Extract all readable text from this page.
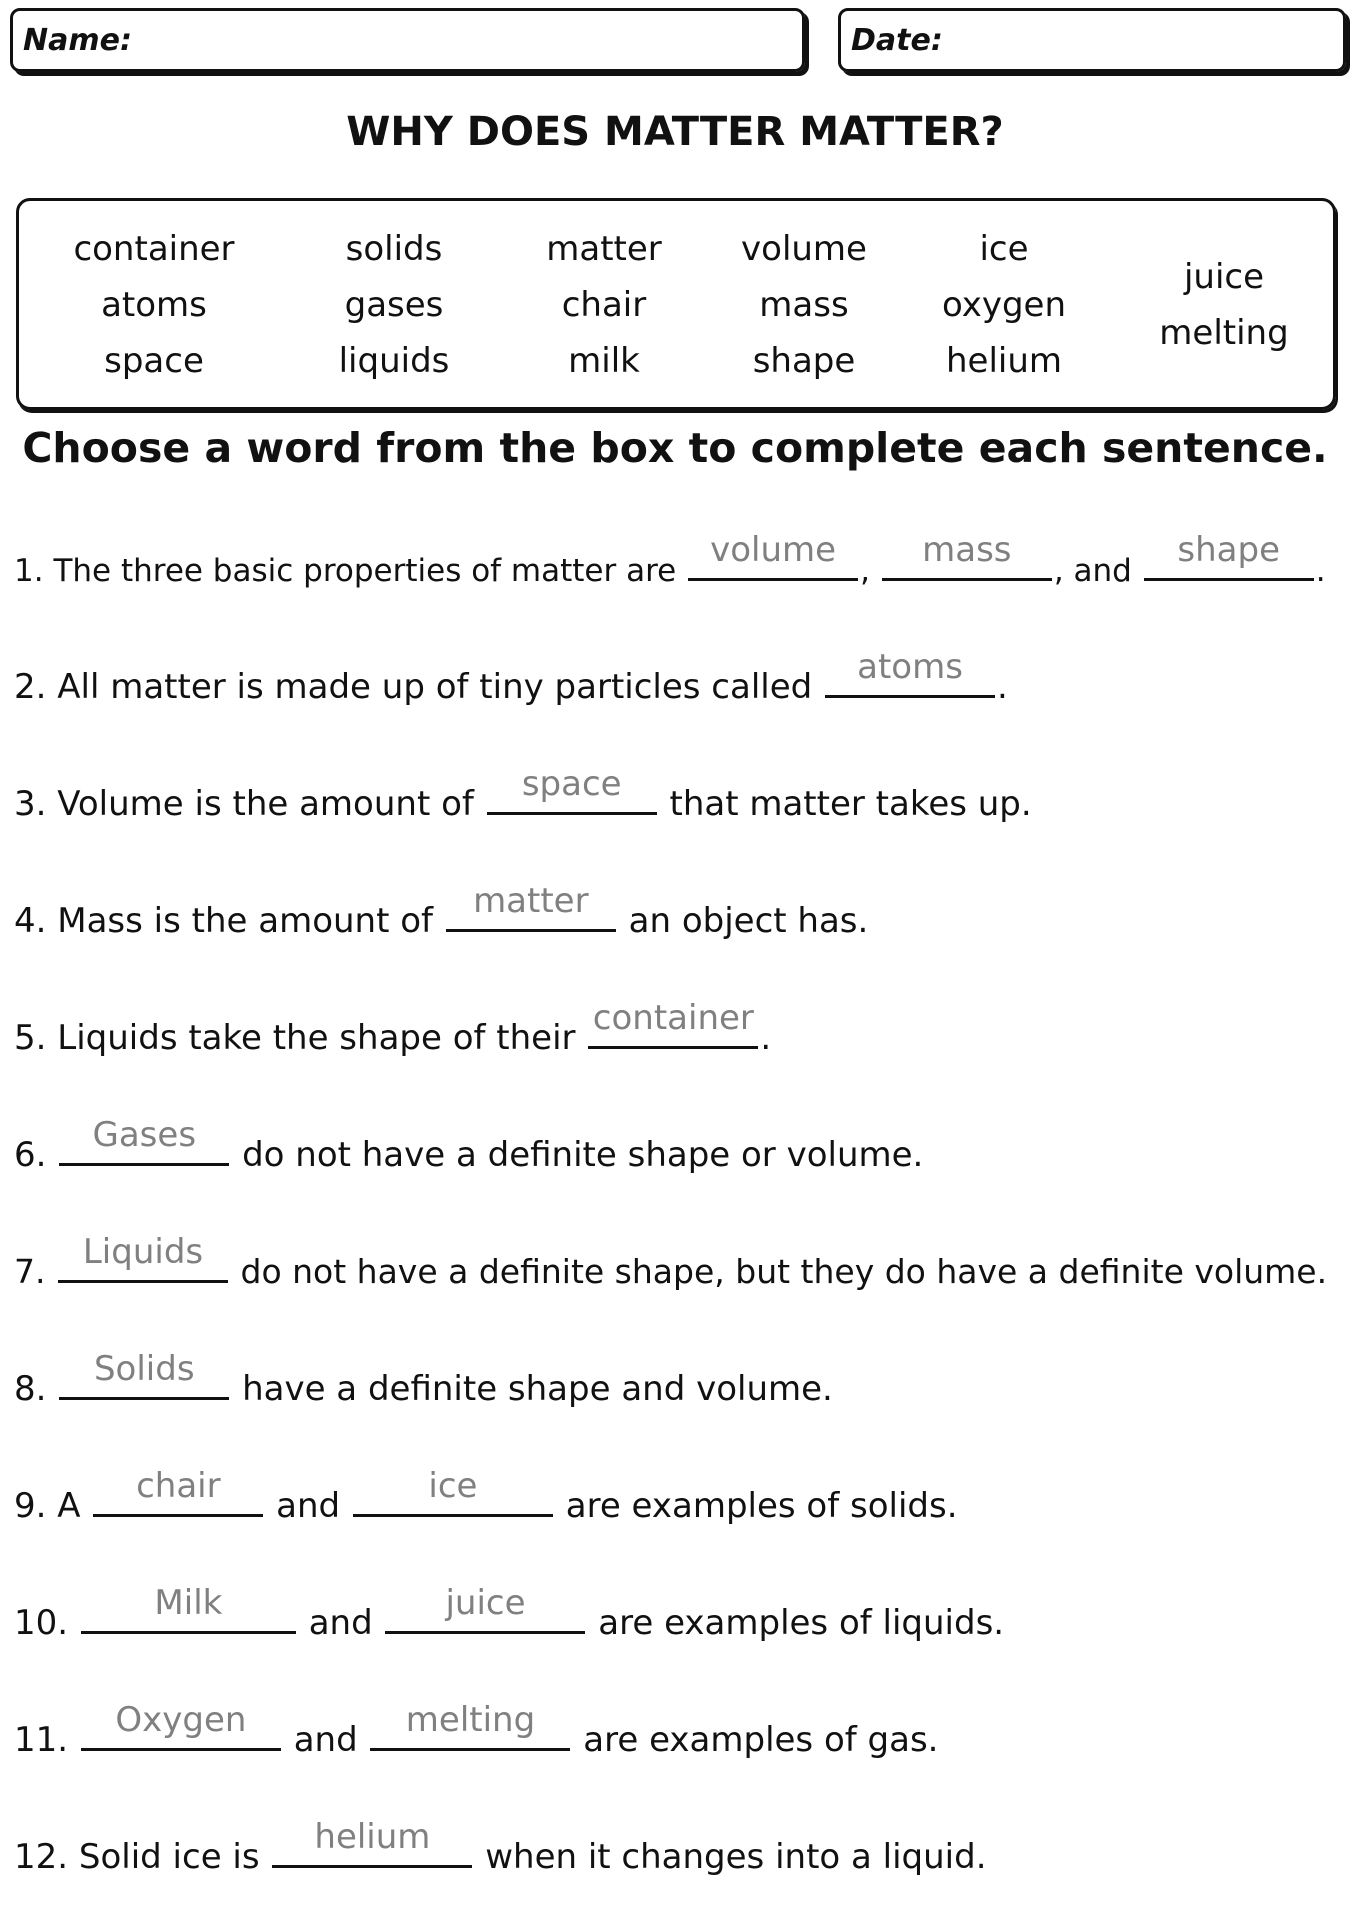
Name:	Date:
WHY DOES MATTER MATTER?
container
atoms
space
solids
gases
liquids
matter
chair
milk
volume
mass
shape
ice
oxygen
helium
juice
melting

Choose a word from the box to complete each sentence.

1. The three basic properties of matter are
volume
,
mass
, and
shape
.
2. All matter is made up of tiny particles called	atoms	.
3. Volume is the amount of	space	that matter takes up.
4. Mass is the amount of	matter	an object has.
5. Liquids take the shape of their container .
6.	Gases	do not have a definite shape or volume.
7.	Liquids	do not have a definite shape, but they do have a definite volume.
8.	Solids	have a definite shape and volume.
9. A	chair	and	ice	are examples of solids.
10.	Milk	and	juice	are examples of liquids.
11.	Oxygen	and	melting	are examples of gas.
12. Solid ice is	helium	when it changes into a liquid.
